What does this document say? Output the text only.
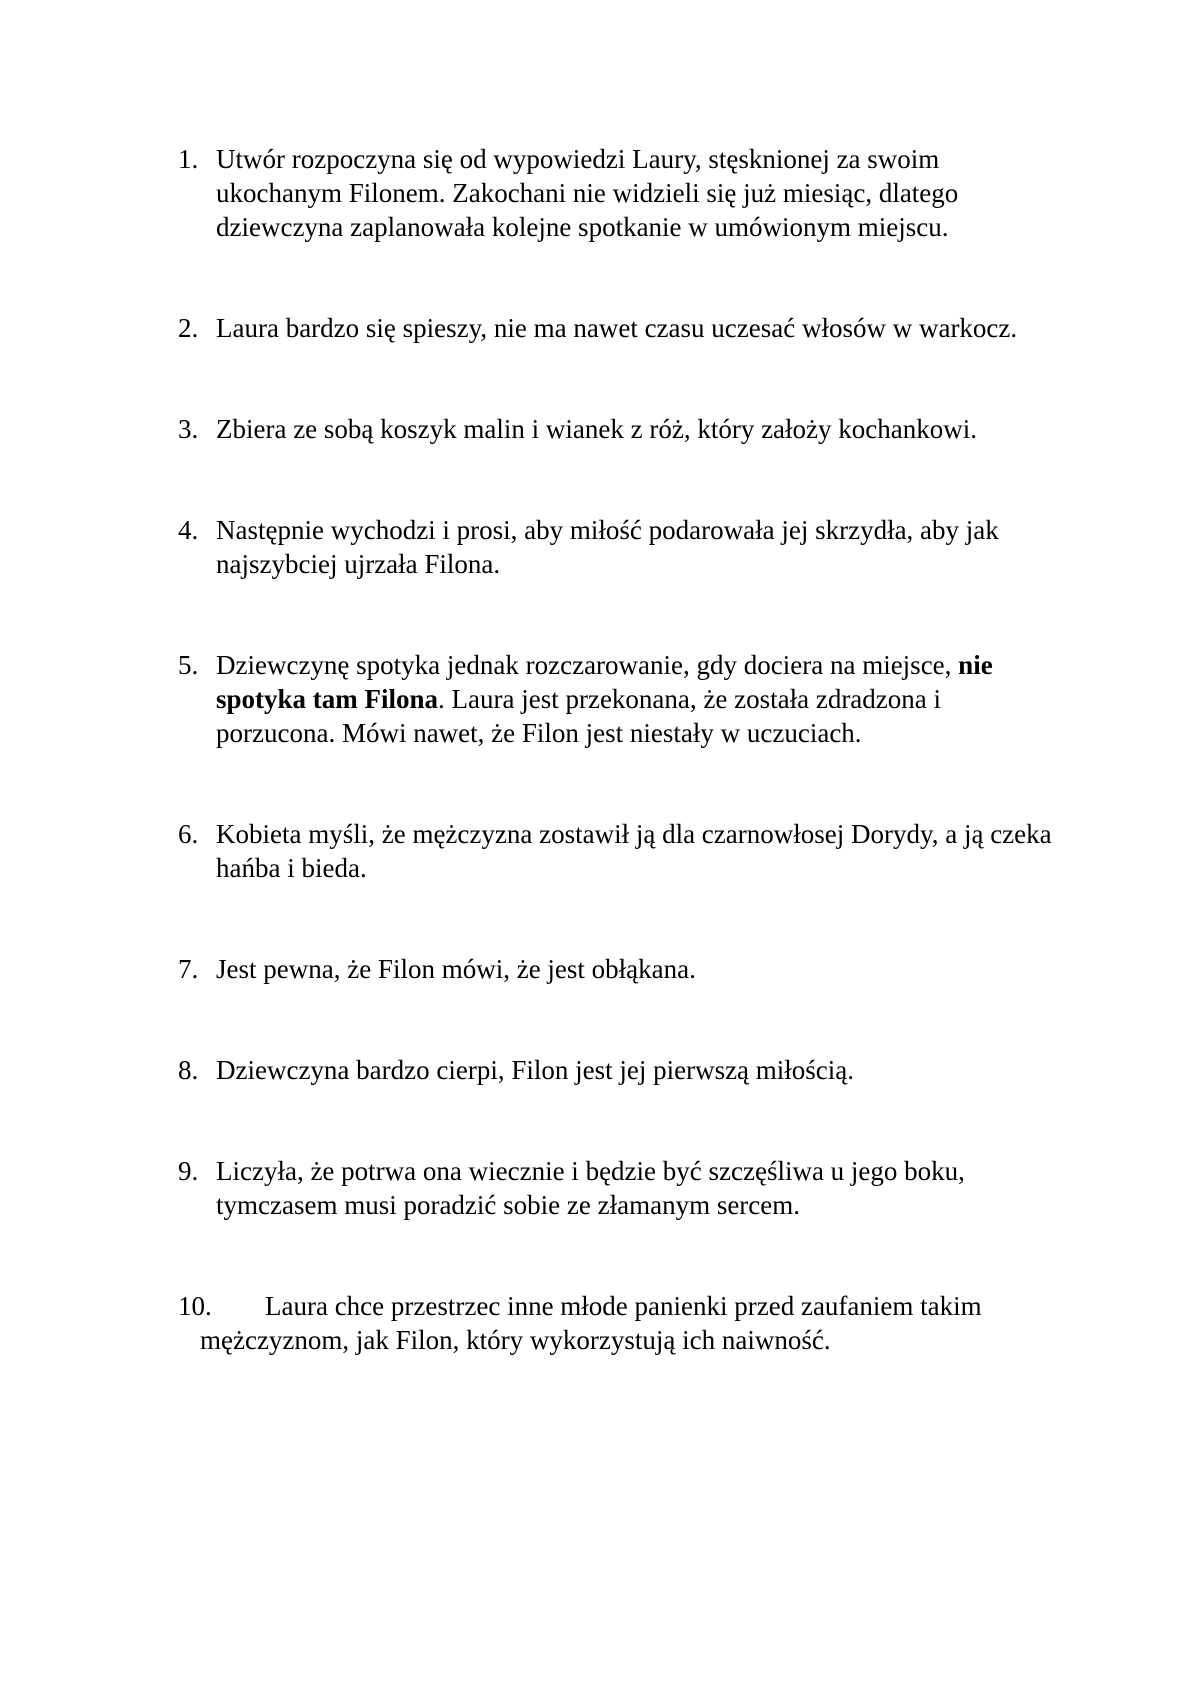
1. Utwór rozpoczyna się od wypowiedzi Laury, stęsknionej za swoim ukochanym Filonem. Zakochani nie widzieli się już miesiąc, dlatego dziewczyna zaplanowała kolejne spotkanie w umówionym miejscu.
2. Laura bardzo się spieszy, nie ma nawet czasu uczesać włosów w warkocz.
3. Zbiera ze sobą koszyk malin i wianek z róż, który założy kochankowi.
4. Następnie wychodzi i prosi, aby miłość podarowała jej skrzydła, aby jak najszybciej ujrzała Filona.
5. Dziewczynę spotyka jednak rozczarowanie, gdy dociera na miejsce, nie spotyka tam Filona. Laura jest przekonana, że została zdradzona i porzucona. Mówi nawet, że Filon jest niestały w uczuciach.
6. Kobieta myśli, że mężczyzna zostawił ją dla czarnowłosej Dorydy, a ją czeka hańba i bieda.
7. Jest pewna, że Filon mówi, że jest obłąkana.
8. Dziewczyna bardzo cierpi, Filon jest jej pierwszą miłością.
9. Liczyła, że potrwa ona wiecznie i będzie być szczęśliwa u jego boku, tymczasem musi poradzić sobie ze złamanym sercem.
10.	Laura chce przestrzec inne młode panienki przed zaufaniem takim mężczyznom, jak Filon, który wykorzystują ich naiwność.
